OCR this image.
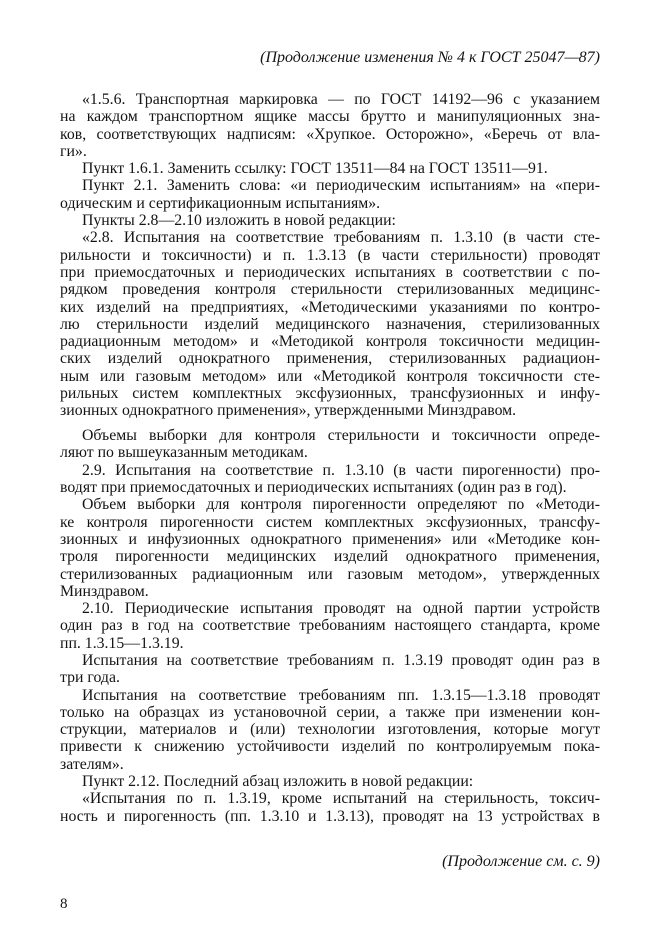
(Продолжение изменения № 4 к ГОСТ 25047—87)
«1.5.6. Транспортная маркировка — по ГОСТ 14192—96 с указанием
на каждом транспортном ящике массы брутто и манипуляционных зна-
ков, соответствующих надписям: «Хрупкое. Осторожно», «Беречь от вла-
ги».
Пункт 1.6.1. Заменить ссылку: ГОСТ 13511—84 на ГОСТ 13511—91.
Пункт 2.1. Заменить слова: «и периодическим испытаниям» на «пери-
одическим и сертификационным испытаниям».
Пункты 2.8—2.10 изложить в новой редакции:
«2.8. Испытания на соответствие требованиям п. 1.3.10 (в части сте-
рильности и токсичности) и п. 1.3.13 (в части стерильности) проводят
при приемосдаточных и периодических испытаниях в соответствии с по-
рядком проведения контроля стерильности стерилизованных медицинс-
ких изделий на предприятиях, «Методическими указаниями по контро-
лю стерильности изделий медицинского назначения, стерилизованных
радиационным методом» и «Методикой контроля токсичности медицин-
ских изделий однократного применения, стерилизованных радиацион-
ным или газовым методом» или «Методикой контроля токсичности сте-
рильных систем комплектных эксфузионных, трансфузионных и инфу-
зионных однократного применения», утвержденными Минздравом.
Объемы выборки для контроля стерильности и токсичности опреде-
ляют по вышеуказанным методикам.
2.9. Испытания на соответствие п. 1.3.10 (в части пирогенности) про-
водят при приемосдаточных и периодических испытаниях (один раз в год).
Объем выборки для контроля пирогенности определяют по «Методи-
ке контроля пирогенности систем комплектных эксфузионных, трансфу-
зионных и инфузионных однократного применения» или «Методике кон-
троля пирогенности медицинских изделий однократного применения,
стерилизованных радиационным или газовым методом», утвержденных
Минздравом.
2.10. Периодические испытания проводят на одной партии устройств
один раз в год на соответствие требованиям настоящего стандарта, кроме
пп. 1.3.15—1.3.19.
Испытания на соответствие требованиям п. 1.3.19 проводят один раз в
три года.
Испытания на соответствие требованиям пп. 1.3.15—1.3.18 проводят
только на образцах из установочной серии, а также при изменении кон-
струкции, материалов и (или) технологии изготовления, которые могут
привести к снижению устойчивости изделий по контролируемым пока-
зателям».
Пункт 2.12. Последний абзац изложить в новой редакции:
«Испытания по п. 1.3.19, кроме испытаний на стерильность, токсич-
ность и пирогенность (пп. 1.3.10 и 1.3.13), проводят на 13 устройствах в
(Продолжение см. с. 9)
8
